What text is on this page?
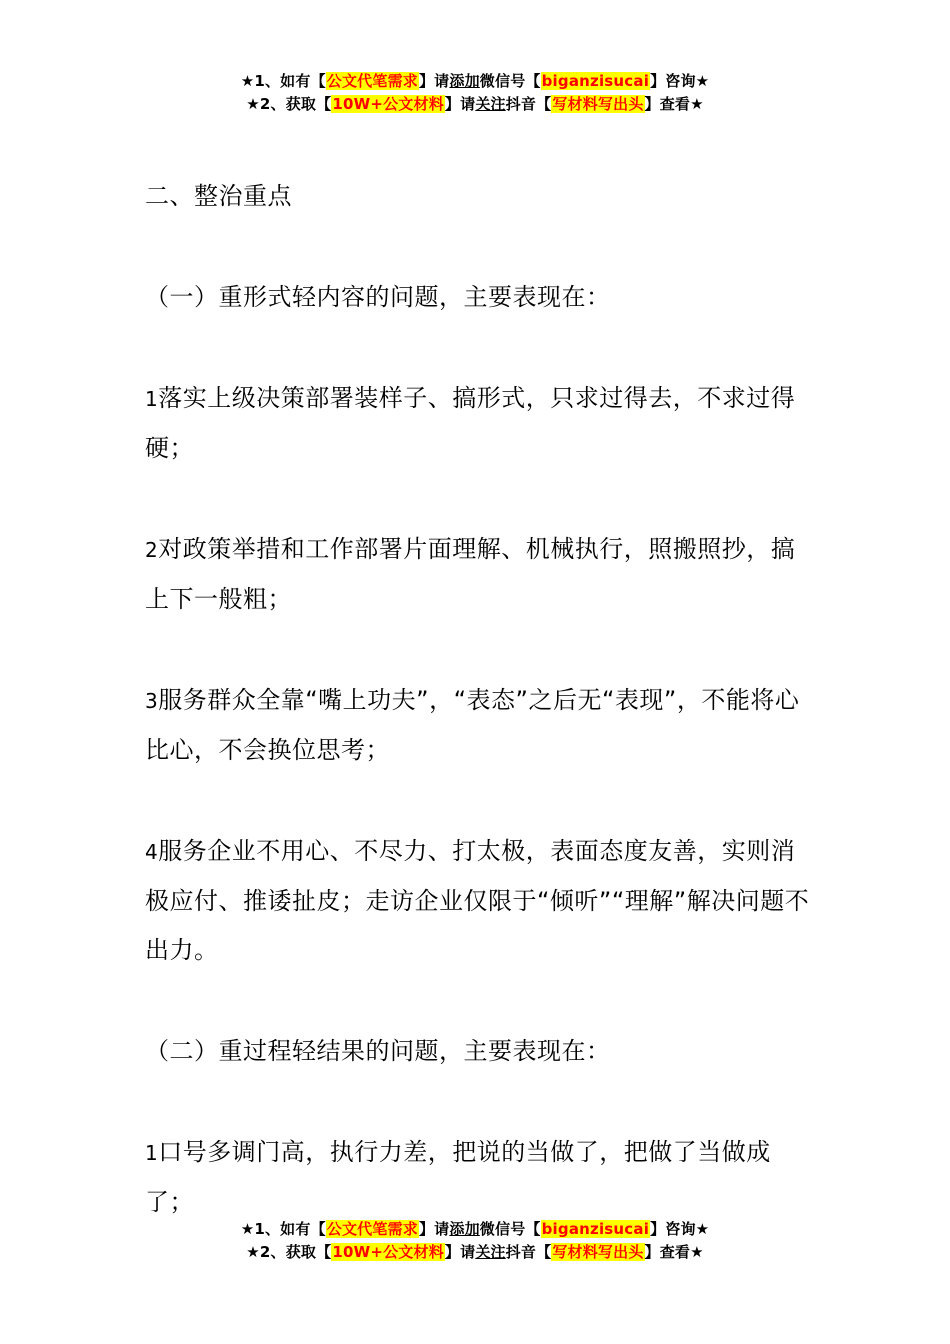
★1、如有【公文代笔需求】请添加微信号【biganzisucai】咨询★
★2、获取【10W+公文材料】请关注抖音【写材料写出头】查看★

二、整治重点

（一）重形式轻内容的问题，主要表现在：

1落实上级决策部署装样子、搞形式，只求过得去，不求过得硬；

2对政策举措和工作部署片面理解、机械执行，照搬照抄，搞上下一般粗；

3服务群众全靠“嘴上功夫”，“表态”之后无“表现”，不能将心比心，不会换位思考；

4服务企业不用心、不尽力、打太极，表面态度友善，实则消极应付、推诿扯皮；走访企业仅限于“倾听”“理解”解决问题不出力。

（二）重过程轻结果的问题，主要表现在：

1口号多调门高，执行力差，把说的当做了，把做了当做成了；

★1、如有【公文代笔需求】请添加微信号【biganzisucai】咨询★
★2、获取【10W+公文材料】请关注抖音【写材料写出头】查看★
